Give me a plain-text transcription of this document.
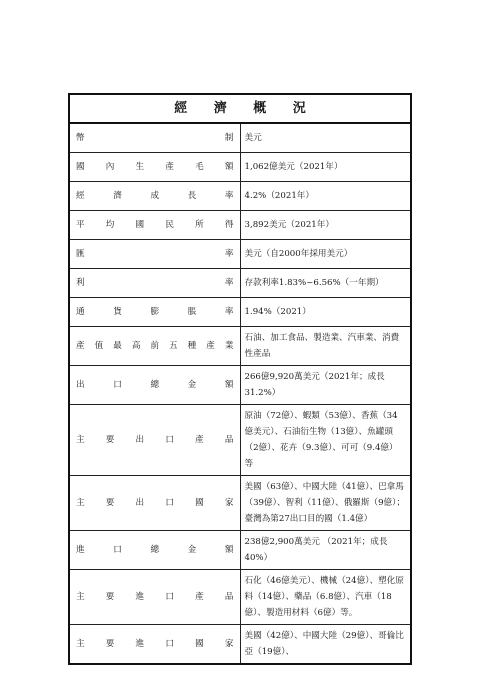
經 濟 概 況	
幣制	美元
國內生產毛額	1,062億美元（2021年）
經濟成長率	4.2%（2021年）
平均國民所得	3,892美元（2021年）
匯率	美元（自2000年採用美元）
利率	存款利率1.83%~6.56%（一年期）
通貨膨脹率	1.94%（2021）
產值最高前五種產業	石油、加工食品、製造業、汽車業、消費性產品
出口總金額	266億9,920萬美元（2021年；成長31.2%）
主要出口產品	原油（72億）、蝦類（53億）、香蕉（34億美元）、石油衍生物（13億）、魚罐頭（2億）、花卉（9.3億）、可可（9.4億）等
主要出口國家	美國（63億）、中國大陸（41億）、巴拿馬（39億）、智利（11億）、俄羅斯（9億）；臺灣為第27出口目的國（1.4億）
進口總金額	238億2,900萬美元 （2021年；成長40%）
主要進口產品	石化（46億美元）、機械（24億）、塑化原料（14億）、藥品（6.8億）、汽車（18億）、製造用材料（6億）等。
主要進口國家	美國（42億）、中國大陸（29億）、哥倫比亞（19億）、
